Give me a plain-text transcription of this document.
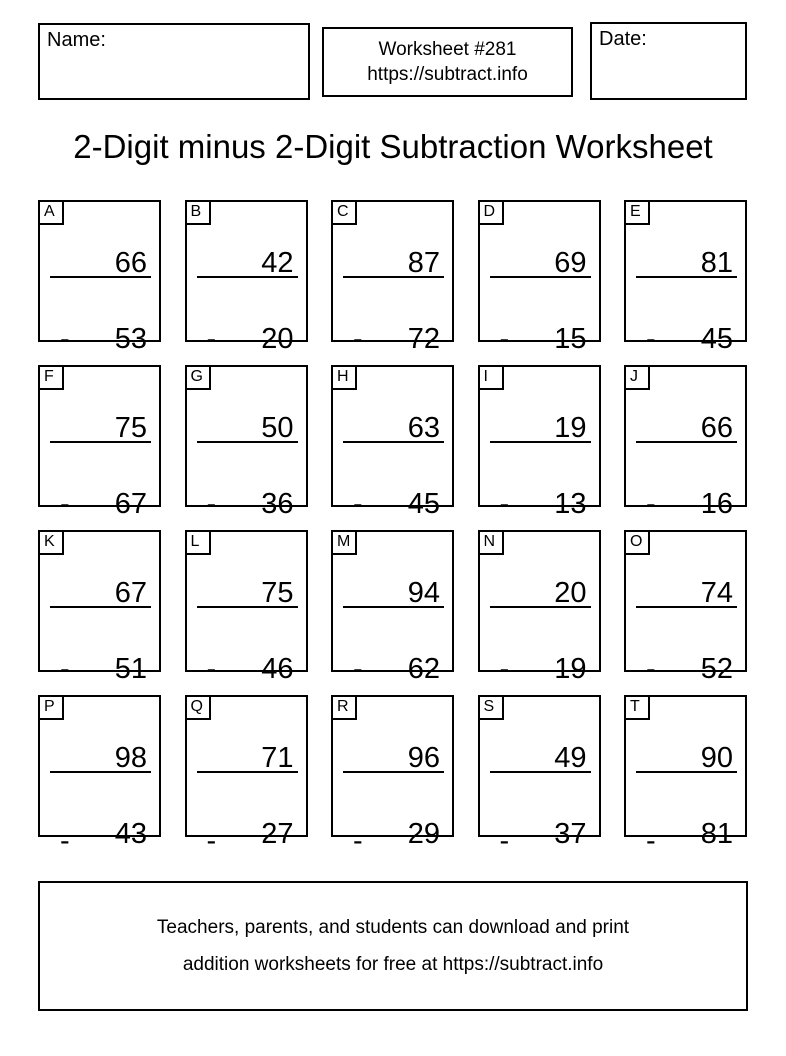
Name:	Worksheet #281
https://subtract.info
Date:
2-Digit minus 2-Digit Subtraction Worksheet
A

66

- 53
B

42

- 20
C

87

- 72
D

69

- 15
E

81

- 45
F

75

- 67
G

50

- 36
H

63

- 45
I

19

- 13
J

66

- 16
K

67

- 51
L

75

- 46
M

94

- 62
N

20

- 19
O

74

- 52
P

98

- 43
Q

71

- 27
R

96

- 29
S

49

- 37
T

90

- 81
Teachers, parents, and students can download and print
addition worksheets for free at https://subtract.info
